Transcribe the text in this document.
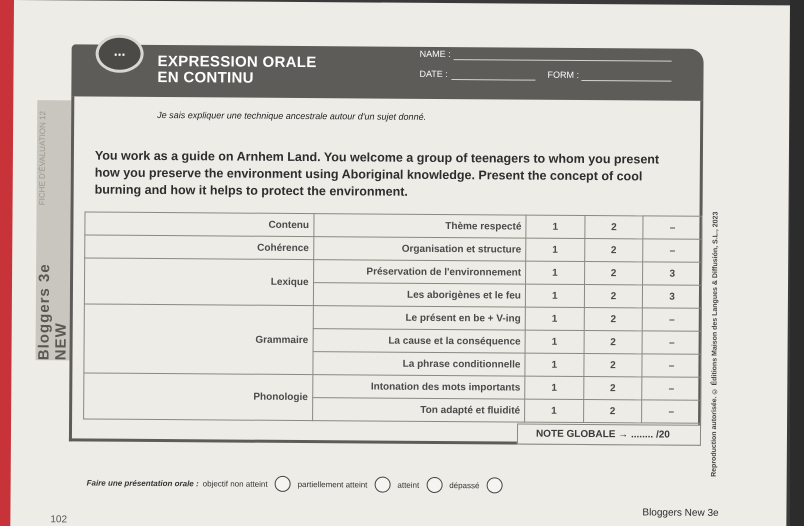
FICHE D'ÉVALUATION 12
Bloggers 3e NEW
...
EXPRESSION ORALE
EN CONTINU
NAME :
DATE :	FORM :
Je sais expliquer une technique ancestrale autour d'un sujet donné.
You work as a guide on Arnhem Land. You welcome a group of teenagers to whom you present how you preserve the environment using Aboriginal knowledge. Present the concept of cool burning and how it helps to protect the environment.
Contenu	Thème respecté	1	2	–
Cohérence	Organisation et structure	1	2	–
Lexique	Préservation de l'environnement	1	2	3
	Les aborigènes et le feu	1	2	3
Grammaire	Le présent en be + V-ing	1	2	–
	La cause et la conséquence	1	2	–
	La phrase conditionnelle	1	2	–
Phonologie	Intonation des mots importants	1	2	–
	Ton adapté et fluidité	1	2	–
NOTE GLOBALE → ........ /20
Faire une présentation orale : objectif non atteint	partiellement atteint	atteint	dépassé
Reproduction autorisée. © Éditions Maison des Langues & Diffusión, S.L., 2023
102
Bloggers New 3e
